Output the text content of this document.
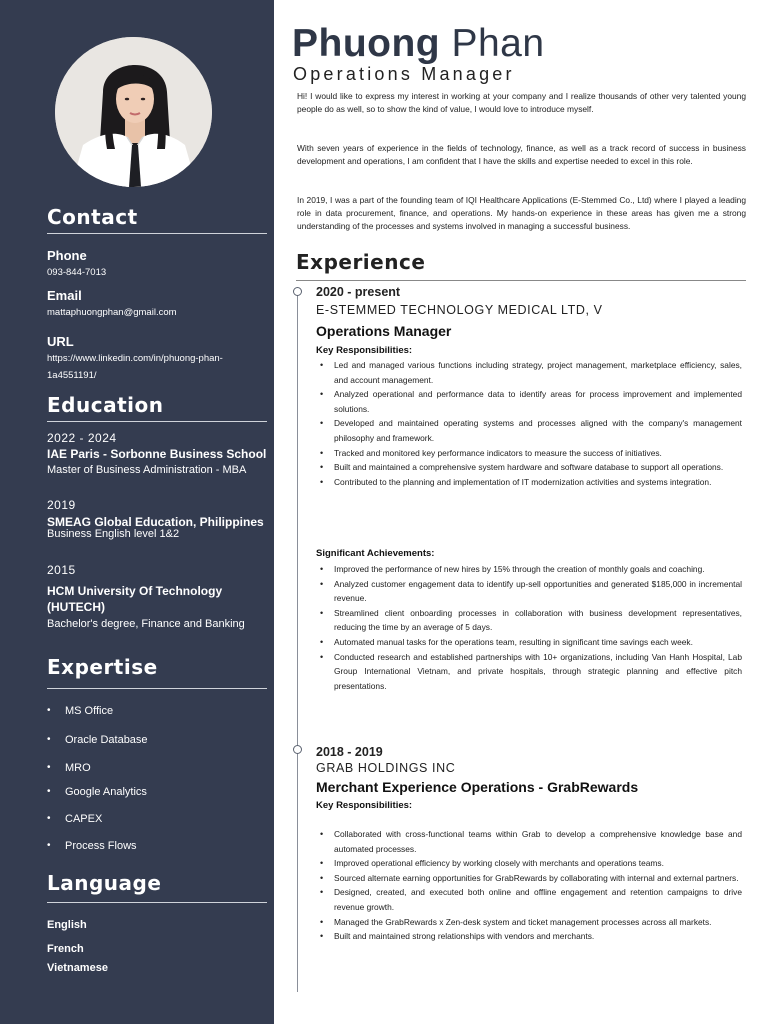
Contact
Phone
093-844-7013
Email
mattaphuongphan@gmail.com
URL
https://www.linkedin.com/in/phuong-phan-
1a4551191/
Education
2022 - 2024
IAE Paris - Sorbonne Business School
Master of Business Administration - MBA
2019
SMEAG Global Education, Philippines
Business English level 1&2
2015
HCM University Of Technology (HUTECH)
Bachelor's degree, Finance and Banking
Expertise
• MS Office
• Oracle Database
• MRO
• Google Analytics
• CAPEX
• Process Flows
Language
English
French
Vietnamese
Phuong Phan
Operations Manager

Hi! I would like to express my interest in working at your company and I realize thousands of other very talented young people do as well, so to show the kind of value, I would love to introduce myself.

With seven years of experience in the fields of technology, finance, as well as a track record of success in business development and operations, I am confident that I have the skills and expertise needed to excel in this role.

In 2019, I was a part of the founding team of IQI Healthcare Applications (E-Stemmed Co., Ltd) where I played a leading role in data procurement, finance, and operations. My hands-on experience in these areas has given me a strong understanding of the processes and systems involved in managing a successful business.

Experience
2020 - present
E-STEMMED TECHNOLOGY MEDICAL LTD, V
Operations Manager
Key Responsibilities:
• Led and managed various functions including strategy, project management, marketplace efficiency, sales, and account management.
• Analyzed operational and performance data to identify areas for process improvement and implemented solutions.
• Developed and maintained operating systems and processes aligned with the company's management philosophy and framework.
• Tracked and monitored key performance indicators to measure the success of initiatives.
• Built and maintained a comprehensive system hardware and software database to support all operations.
• Contributed to the planning and implementation of IT modernization activities and systems integration.
Significant Achievements:
• Improved the performance of new hires by 15% through the creation of monthly goals and coaching.
• Analyzed customer engagement data to identify up-sell opportunities and generated $185,000 in incremental revenue.
• Streamlined client onboarding processes in collaboration with business development representatives, reducing the time by an average of 5 days.
• Automated manual tasks for the operations team, resulting in significant time savings each week.
• Conducted research and established partnerships with 10+ organizations, including Van Hanh Hospital, Lab Group International Vietnam, and private hospitals, through strategic planning and effective pitch presentations.
2018 - 2019
GRAB HOLDINGS INC
Merchant Experience Operations - GrabRewards
Key Responsibilities:
• Collaborated with cross-functional teams within Grab to develop a comprehensive knowledge base and automated processes.
• Improved operational efficiency by working closely with merchants and operations teams.
• Sourced alternate earning opportunities for GrabRewards by collaborating with internal and external partners.
• Designed, created, and executed both online and offline engagement and retention campaigns to drive revenue growth.
• Managed the GrabRewards x Zen-desk system and ticket management processes across all markets.
• Built and maintained strong relationships with vendors and merchants.
